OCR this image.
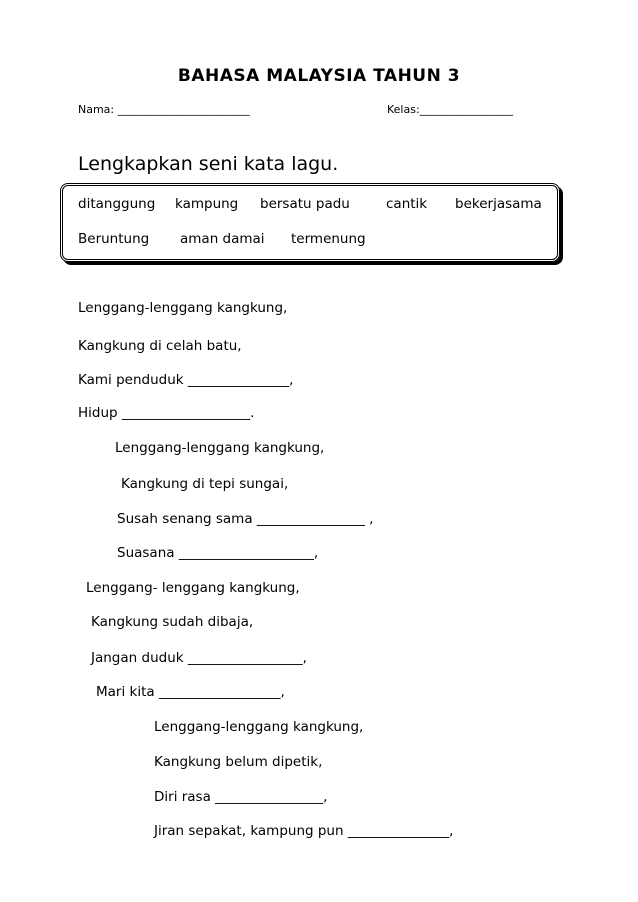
BAHASA MALAYSIA TAHUN 3
Nama: ________________________	Kelas:_________________
Lengkapkan seni kata lagu.
ditanggung kampung bersatu padu	cantik bekerjasama
Beruntung aman damai termenung
Lenggang-lenggang kangkung,
Kangkung di celah batu,
Kami penduduk _______________,
Hidup ___________________.
Lenggang-lenggang kangkung,
Kangkung di tepi sungai,
Susah senang sama ________________ ,
Suasana ____________________,
Lenggang- lenggang kangkung,
Kangkung sudah dibaja,
Jangan duduk _________________,
Mari kita __________________,
Lenggang-lenggang kangkung,
Kangkung belum dipetik,
Diri rasa ________________,
Jiran sepakat, kampung pun _______________,
